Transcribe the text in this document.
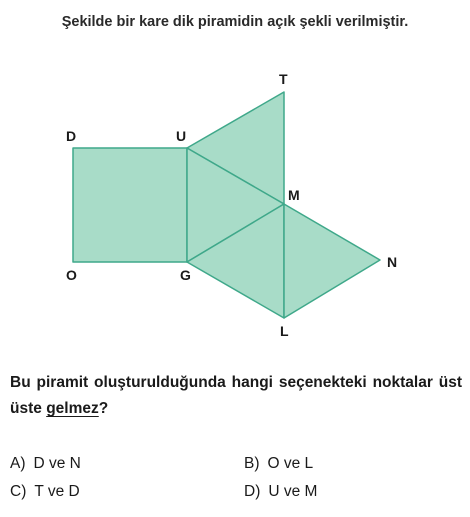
Şekilde bir kare dik piramidin açık şekli verilmiştir.
T
D	U
M
N
O	G
L
Bu piramit oluşturulduğunda hangi seçenekteki noktalar üst üste gelmez?
A) D ve N	B) O ve L
C) T ve D	D) U ve M
